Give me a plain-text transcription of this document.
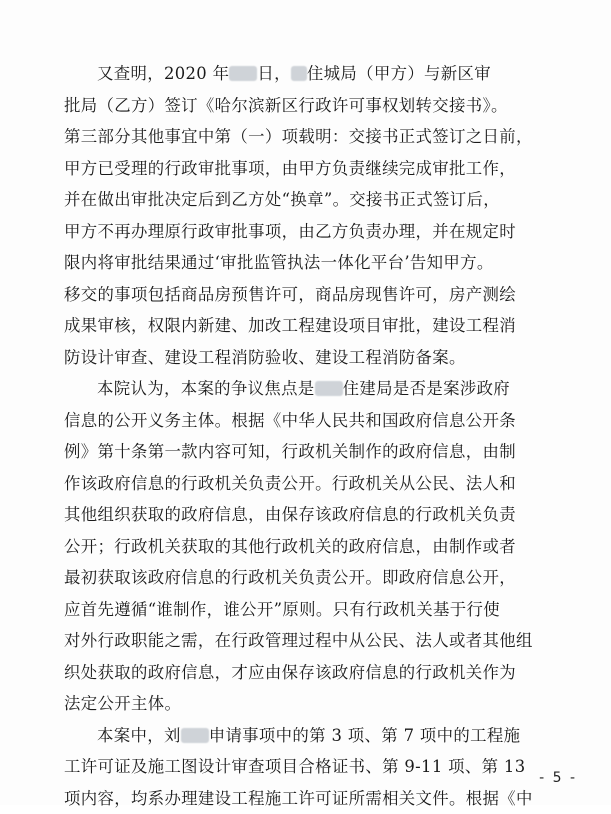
又查明，2020 年 日， 住城局（甲方）与新区审
批局（乙方）签订《哈尔滨新区行政许可事权划转交接书》。
第三部分其他事宜中第（一）项载明：交接书正式签订之日前，
甲方已受理的行政审批事项，由甲方负责继续完成审批工作，
并在做出审批决定后到乙方处“换章”。交接书正式签订后，
甲方不再办理原行政审批事项，由乙方负责办理，并在规定时
限内将审批结果通过‘审批监管执法一体化平台’告知甲方。
移交的事项包括商品房预售许可，商品房现售许可，房产测绘
成果审核，权限内新建、加改工程建设项目审批，建设工程消
防设计审查、建设工程消防验收、建设工程消防备案。
本院认为，本案的争议焦点是 住建局是否是案涉政府
信息的公开义务主体。根据《中华人民共和国政府信息公开条
例》第十条第一款内容可知，行政机关制作的政府信息，由制
作该政府信息的行政机关负责公开。行政机关从公民、法人和
其他组织获取的政府信息，由保存该政府信息的行政机关负责
公开；行政机关获取的其他行政机关的政府信息，由制作或者
最初获取该政府信息的行政机关负责公开。即政府信息公开，
应首先遵循“谁制作，谁公开”原则。只有行政机关基于行使
对外行政职能之需，在行政管理过程中从公民、法人或者其他组
织处获取的政府信息，才应由保存该政府信息的行政机关作为
法定公开主体。
本案中，刘 申请事项中的第 3 项、第 7 项中的工程施
工许可证及施工图设计审查项目合格证书、第 9-11 项、第 13
项内容，均系办理建设工程施工许可证所需相关文件。根据《中
- 5 -
